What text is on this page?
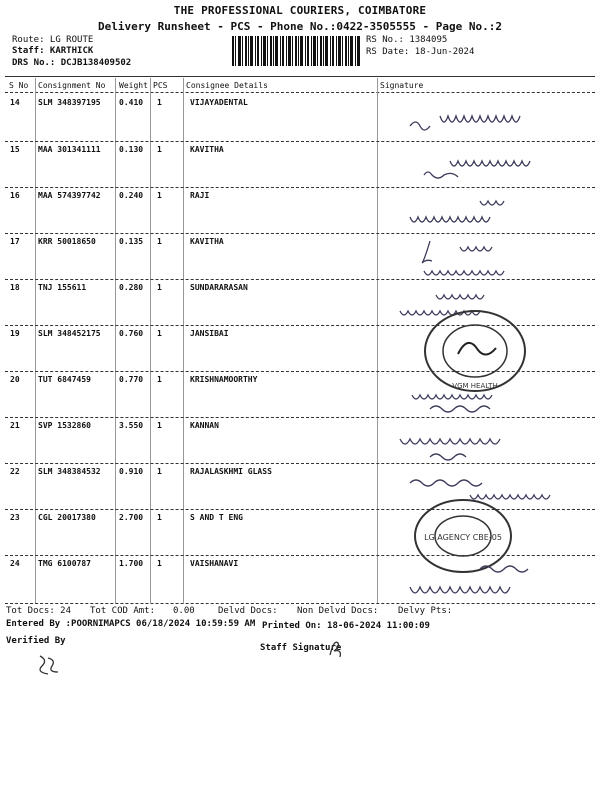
THE PROFESSIONAL COURIERS, COIMBATORE
Delivery Runsheet - PCS - Phone No.:0422-3505555 - Page No.:2
Route: LG ROUTE
Staff: KARTHICK
DRS No.: DCJB138409502
RS No.: 1384095
RS Date: 18-Jun-2024
S No Consignment No Weight PCS Consignee Details	Signature
14 SLM 348397195 0.410 1	VIJAYADENTAL
15 MAA 301341111 0.130 1	KAVITHA
16 MAA 574397742 0.240 1	RAJI
17 KRR 50018650	0.135 1	KAVITHA
18 TNJ 155611	0.280 1	SUNDARARASAN
19 SLM 348452175 0.760 1	JANSIBAI
VGM HEALTH
20 TUT 6847459	0.770 1	KRISHNAMOORTHY
21 SVP 1532860	3.550 1	KANNAN
22 SLM 348384532 0.910 1	RAJALASKHMI GLASS
LG AGENCY CBE-05
23 CGL 20017380	2.700 1	S AND T ENG
24 TMG 6100787	1.700 1	VAISHANAVI
Tot Docs: 24 Tot COD Amt: 0.00	Delvd Docs: Non Delvd Docs: Delvy Pts:
Entered By :POORNIMAPCS 06/18/2024 10:59:59 AM Printed On: 18-06-2024 11:00:09
Verified By
Staff Signature
